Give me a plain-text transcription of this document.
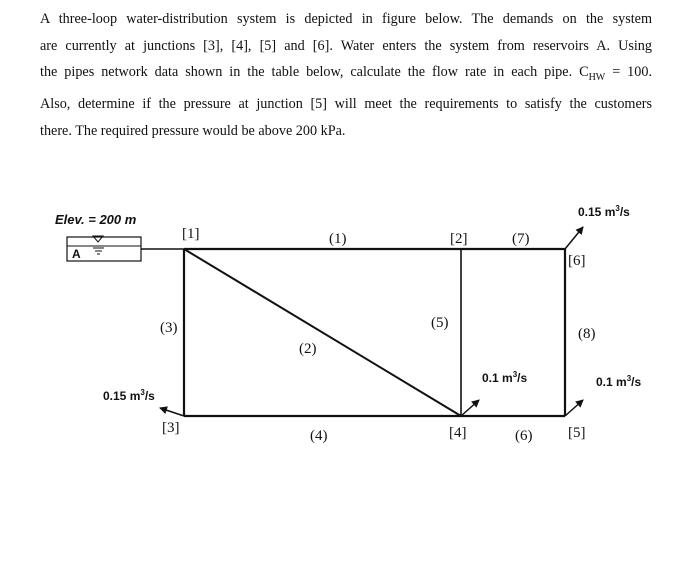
A three-loop water-distribution system is depicted in figure below. The demands on the system
are currently at junctions [3], [4], [5] and [6]. Water enters the system from reservoirs A. Using
the pipes network data shown in the table below, calculate the flow rate in each pipe. $C_{HW} = 100$.
Also, determine if the pressure at junction [5] will meet the requirements to satisfy the customers
there. The required pressure would be above 200 kPa.
A
Elev. = 200 m
[1]	[2]
[3]	[4]	[5]
[6]
(1)
(2)
(3)
(4)
(5)
(6)
(7)
(8)
0.15 $m^3/s$
0.1 $m^3/s$	0.1 $m^3/s$
0.15 $m^3/s$
